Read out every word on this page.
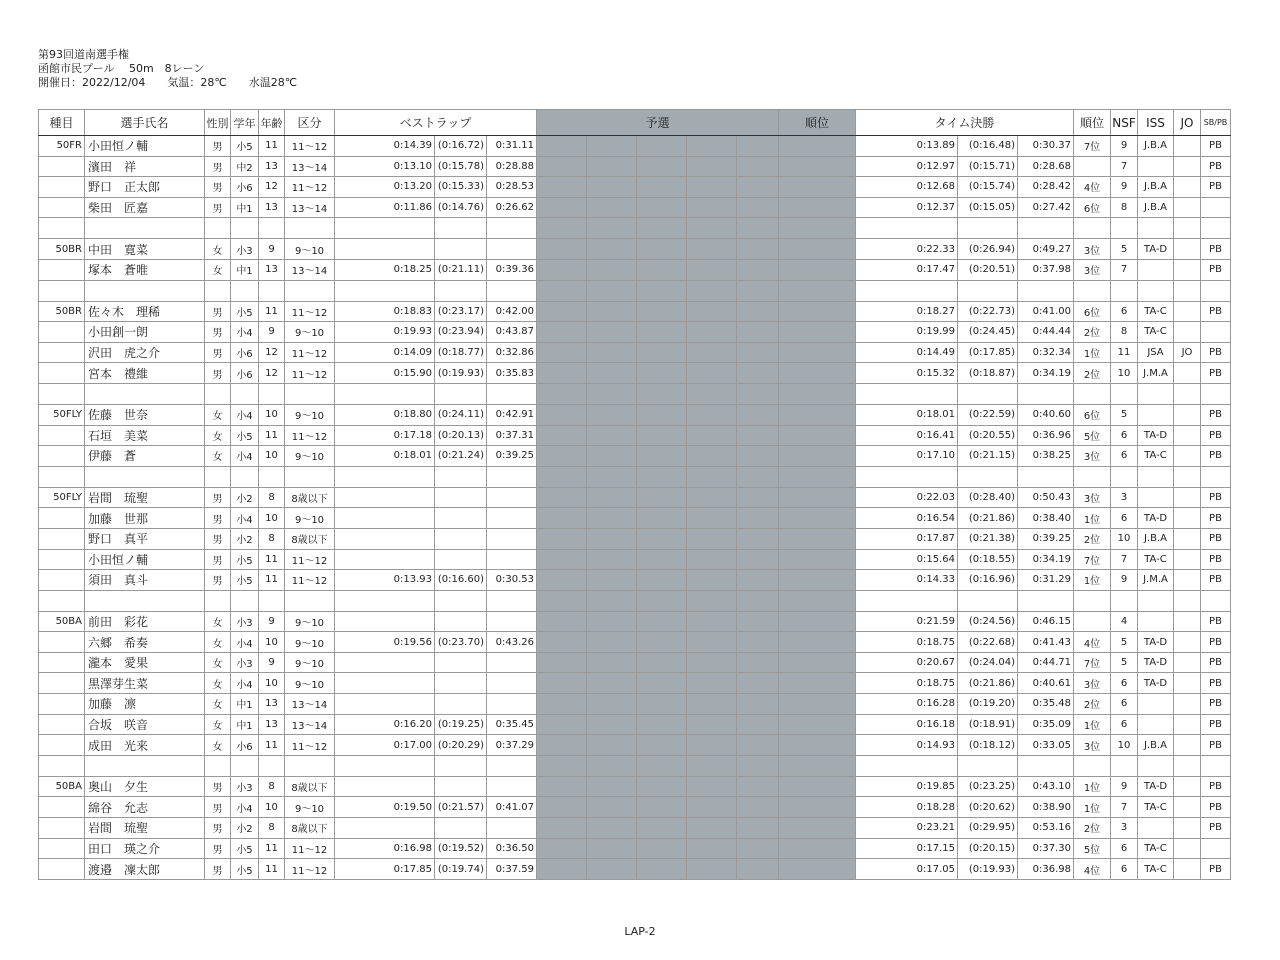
第93回道南選手権
函館市民プール　 50m　8レーン
開催日：2022/12/04　　気温：28℃　　水温28℃
種目	選手氏名	性別	学年	年齢	区分	ベストラップ			予選					順位	タイム決勝			順位	NSF	ISS	JO	SB/PB
50FR	小田恒ノ輔	男	小5	11	11～12	0:14.39	(0:16.72)	0:31.11							0:13.89	(0:16.48)	0:30.37	7位	9	J.B.A		PB
	濱田　祥	男	中2	13	13～14	0:13.10	(0:15.78)	0:28.88							0:12.97	(0:15.71)	0:28.68		7			PB
	野口　正太郎	男	小6	12	11～12	0:13.20	(0:15.33)	0:28.53							0:12.68	(0:15.74)	0:28.42	4位	9	J.B.A		PB
	柴田　匠嘉	男	中1	13	13～14	0:11.86	(0:14.76)	0:26.62							0:12.37	(0:15.05)	0:27.42	6位	8	J.B.A		

50BR	中田　寛菜	女	小3	9	9～10										0:22.33	(0:26.94)	0:49.27	3位	5	TA-D		PB
	塚本　蒼唯	女	中1	13	13～14	0:18.25	(0:21.11)	0:39.36							0:17.47	(0:20.51)	0:37.98	3位	7			PB

50BR	佐々木　理稀	男	小5	11	11～12	0:18.83	(0:23.17)	0:42.00							0:18.27	(0:22.73)	0:41.00	6位	6	TA-C		PB
	小田創一朗	男	小4	9	9～10	0:19.93	(0:23.94)	0:43.87							0:19.99	(0:24.45)	0:44.44	2位	8	TA-C		
	沢田　虎之介	男	小6	12	11～12	0:14.09	(0:18.77)	0:32.86							0:14.49	(0:17.85)	0:32.34	1位	11	JSA	JO	PB
	宮本　禮維	男	小6	12	11～12	0:15.90	(0:19.93)	0:35.83							0:15.32	(0:18.87)	0:34.19	2位	10	J.M.A		PB

50FLY	佐藤　世奈	女	小4	10	9～10	0:18.80	(0:24.11)	0:42.91							0:18.01	(0:22.59)	0:40.60	6位	5			PB
	石垣　美菜	女	小5	11	11～12	0:17.18	(0:20.13)	0:37.31							0:16.41	(0:20.55)	0:36.96	5位	6	TA-D		PB
	伊藤　蒼	女	小4	10	9～10	0:18.01	(0:21.24)	0:39.25							0:17.10	(0:21.15)	0:38.25	3位	6	TA-C		PB

50FLY	岩間　琉聖	男	小2	8	8歳以下										0:22.03	(0:28.40)	0:50.43	3位	3			PB
	加藤　世那	男	小4	10	9～10										0:16.54	(0:21.86)	0:38.40	1位	6	TA-D		PB
	野口　真平	男	小2	8	8歳以下										0:17.87	(0:21.38)	0:39.25	2位	10	J.B.A		PB
	小田恒ノ輔	男	小5	11	11～12										0:15.64	(0:18.55)	0:34.19	7位	7	TA-C		PB
	須田　真斗	男	小5	11	11～12	0:13.93	(0:16.60)	0:30.53							0:14.33	(0:16.96)	0:31.29	1位	9	J.M.A		PB

50BA	前田　彩花	女	小3	9	9～10										0:21.59	(0:24.56)	0:46.15		4			PB
	六郷　希奏	女	小4	10	9～10	0:19.56	(0:23.70)	0:43.26							0:18.75	(0:22.68)	0:41.43	4位	5	TA-D		PB
	瀧本　愛果	女	小3	9	9～10										0:20.67	(0:24.04)	0:44.71	7位	5	TA-D		PB
	黒澤芽生菜	女	小4	10	9～10										0:18.75	(0:21.86)	0:40.61	3位	6	TA-D		PB
	加藤　凛	女	中1	13	13～14										0:16.28	(0:19.20)	0:35.48	2位	6			PB
	合坂　咲音	女	中1	13	13～14	0:16.20	(0:19.25)	0:35.45							0:16.18	(0:18.91)	0:35.09	1位	6			PB
	成田　光来	女	小6	11	11～12	0:17.00	(0:20.29)	0:37.29							0:14.93	(0:18.12)	0:33.05	3位	10	J.B.A		PB

50BA	奥山　夕生	男	小3	8	8歳以下										0:19.85	(0:23.25)	0:43.10	1位	9	TA-D		PB
	綿谷　允志	男	小4	10	9～10	0:19.50	(0:21.57)	0:41.07							0:18.28	(0:20.62)	0:38.90	1位	7	TA-C		PB
	岩間　琉聖	男	小2	8	8歳以下										0:23.21	(0:29.95)	0:53.16	2位	3			PB
	田口　瑛之介	男	小5	11	11～12	0:16.98	(0:19.52)	0:36.50							0:17.15	(0:20.15)	0:37.30	5位	6	TA-C		
	渡邉　凜太郎	男	小5	11	11～12	0:17.85	(0:19.74)	0:37.59							0:17.05	(0:19.93)	0:36.98	4位	6	TA-C		PB
LAP-2
